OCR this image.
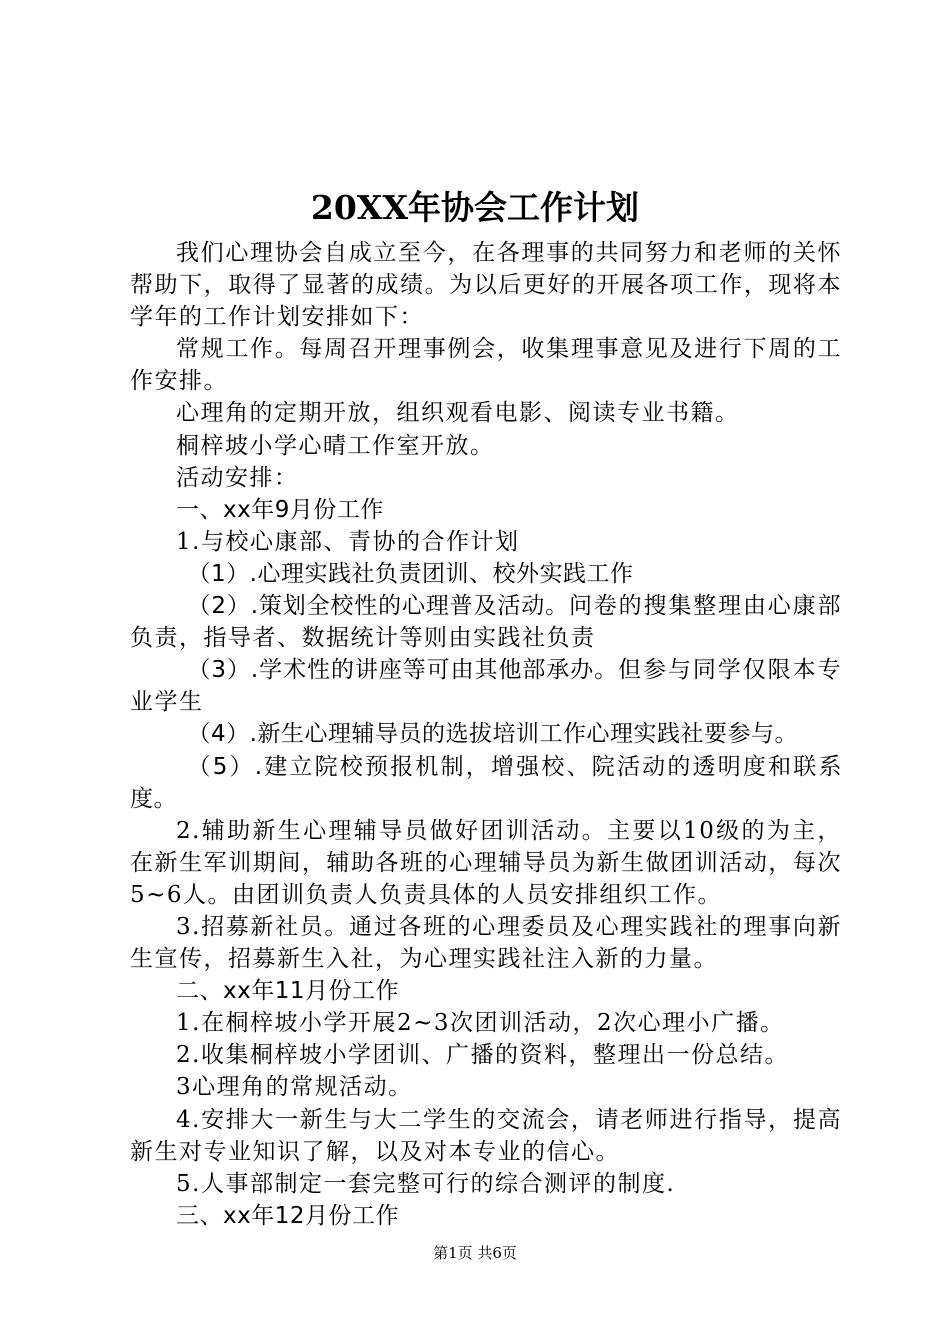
20XX年协会工作计划

我们心理协会自成立至今，在各理事的共同努力和老师的关怀帮助下，取得了显著的成绩。为以后更好的开展各项工作，现将本学年的工作计划安排如下：

常规工作。每周召开理事例会，收集理事意见及进行下周的工作安排。

心理角的定期开放，组织观看电影、阅读专业书籍。

桐梓坡小学心晴工作室开放。

活动安排：

一、xx年9月份工作

1.与校心康部、青协的合作计划

（1）.心理实践社负责团训、校外实践工作

（2）.策划全校性的心理普及活动。问卷的搜集整理由心康部负责，指导者、数据统计等则由实践社负责

（3）.学术性的讲座等可由其他部承办。但参与同学仅限本专业学生

（4）.新生心理辅导员的选拔培训工作心理实践社要参与。

（5）.建立院校预报机制，增强校、院活动的透明度和联系度。

2.辅助新生心理辅导员做好团训活动。主要以10级的为主，在新生军训期间，辅助各班的心理辅导员为新生做团训活动，每次5~6人。由团训负责人负责具体的人员安排组织工作。

3.招募新社员。通过各班的心理委员及心理实践社的理事向新生宣传，招募新生入社，为心理实践社注入新的力量。

二、xx年11月份工作

1.在桐梓坡小学开展2~3次团训活动，2次心理小广播。

2.收集桐梓坡小学团训、广播的资料，整理出一份总结。

3心理角的常规活动。

4.安排大一新生与大二学生的交流会，请老师进行指导，提高新生对专业知识了解，以及对本专业的信心。

5.人事部制定一套完整可行的综合测评的制度.

三、xx年12月份工作

第1页 共6页
